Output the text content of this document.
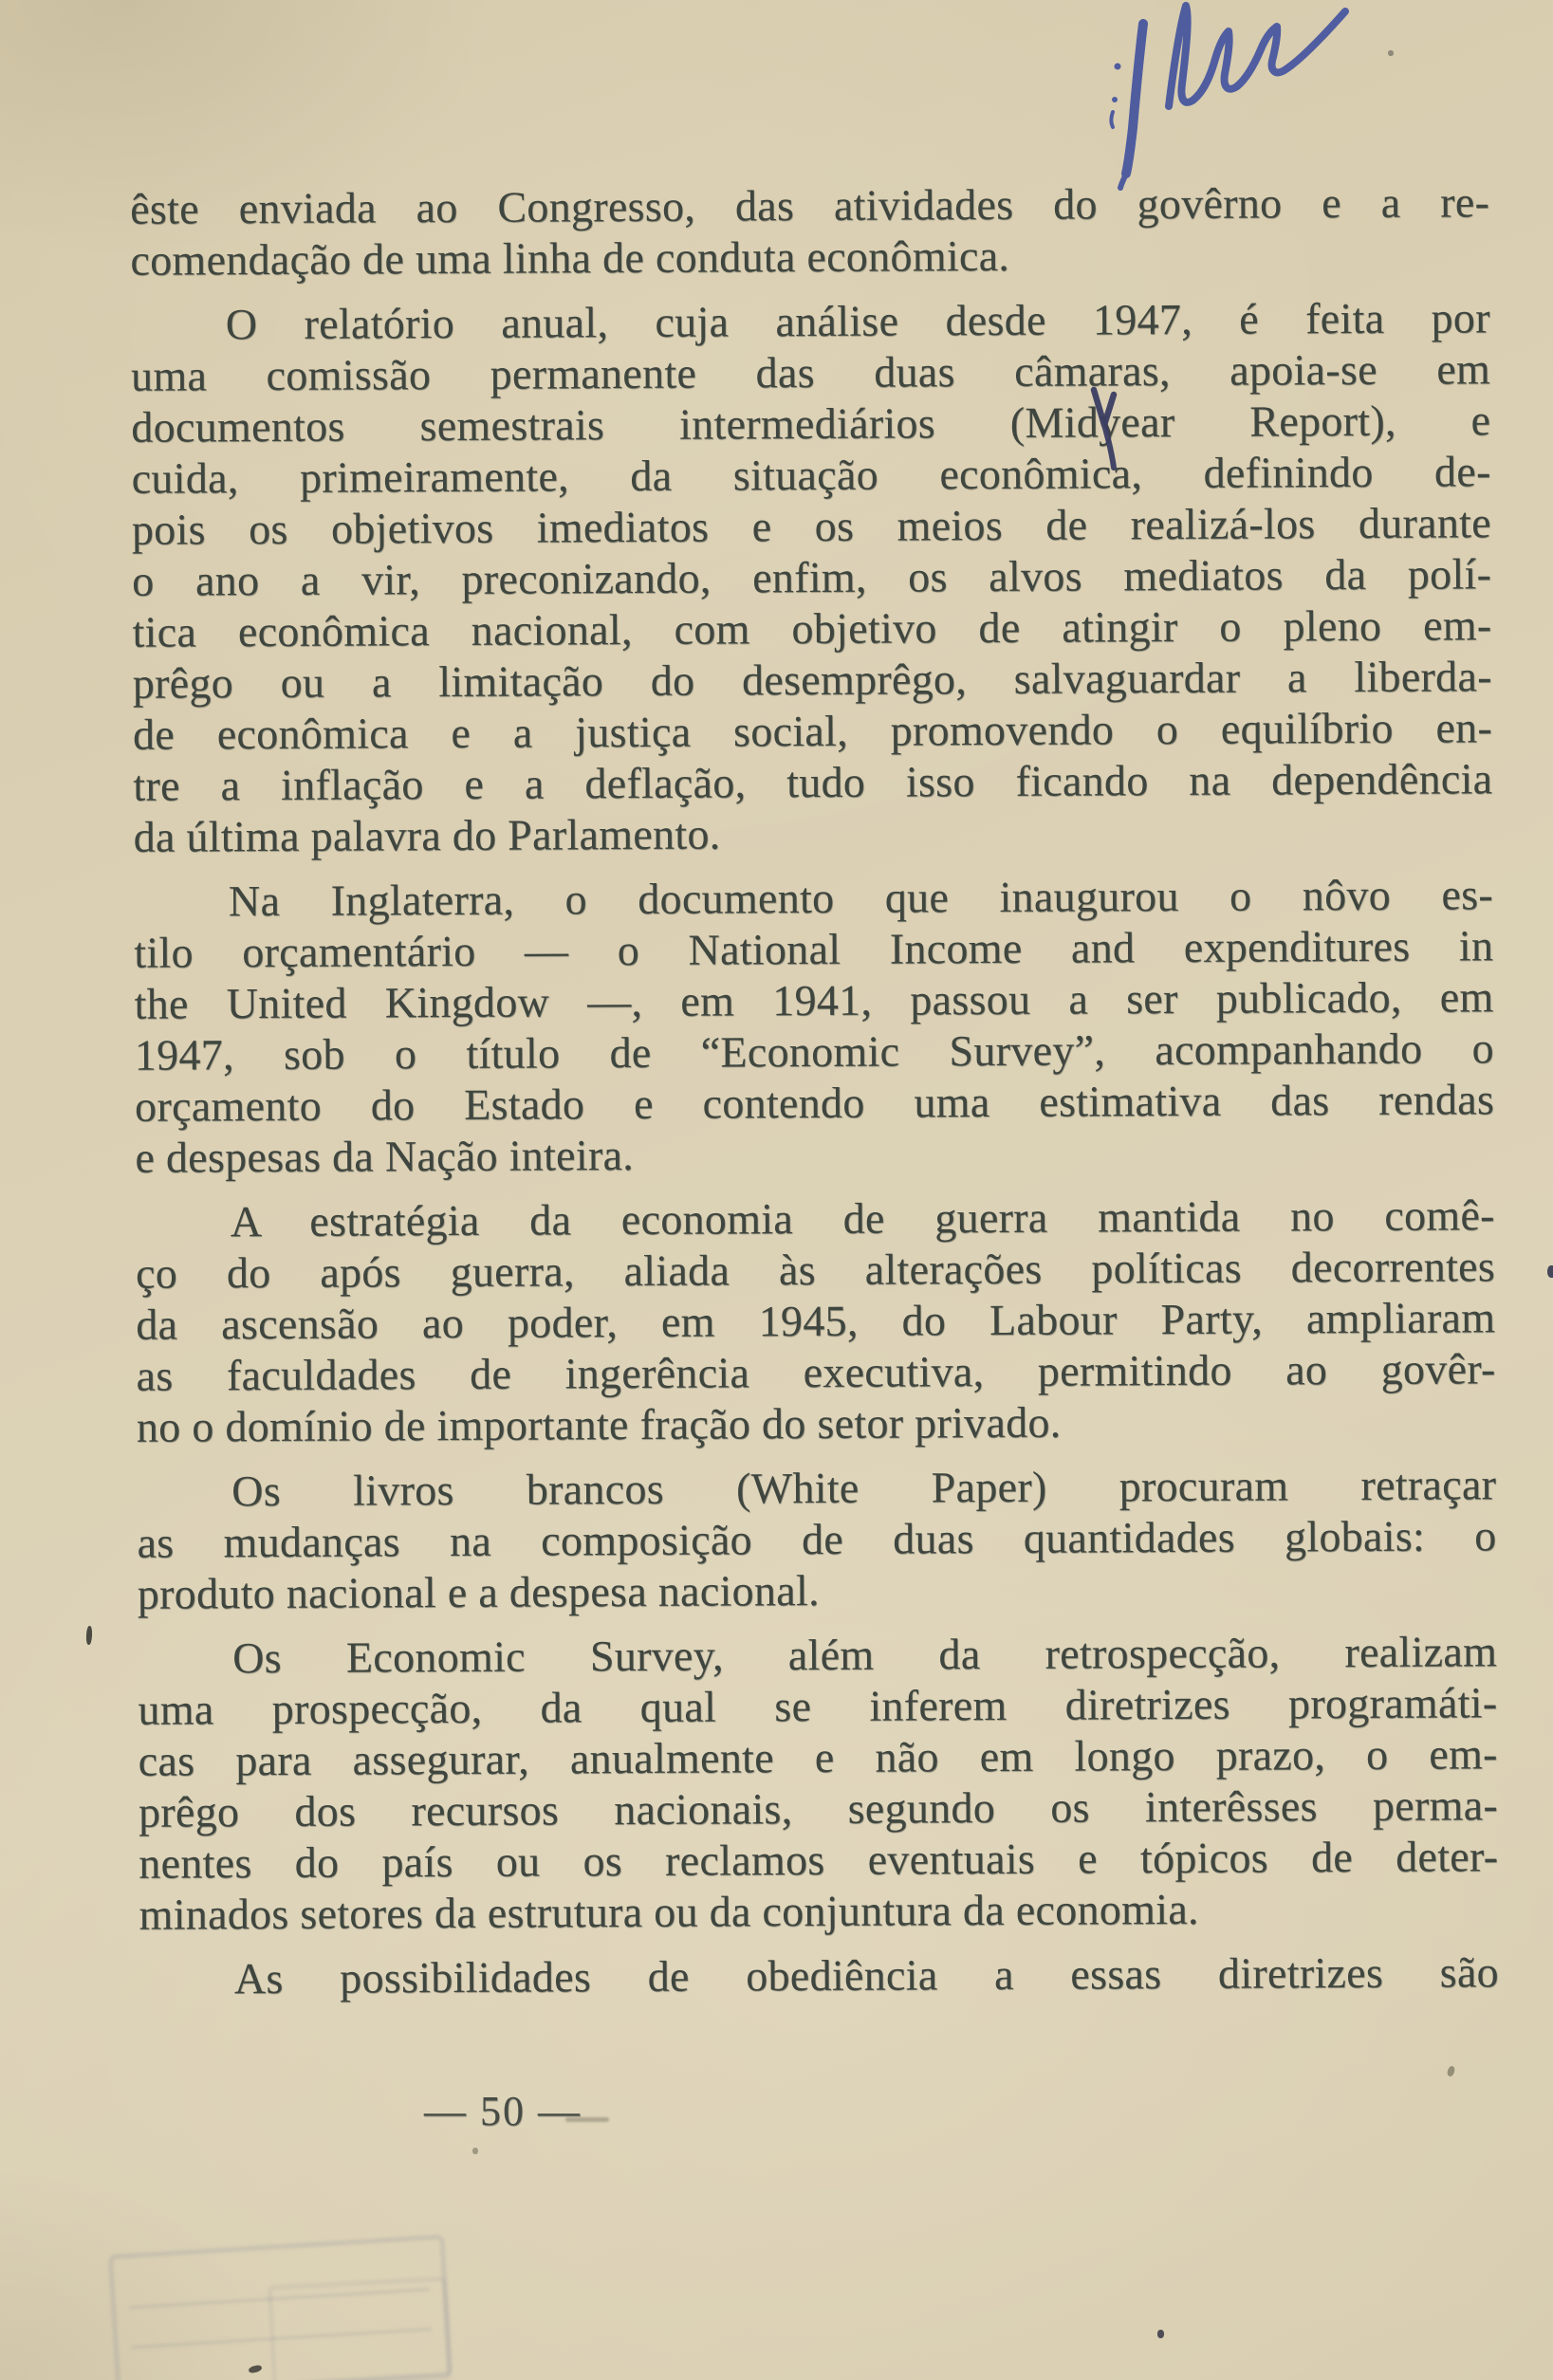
êste enviada ao Congresso, das atividades do govêrno e a re-
comendação de uma linha de conduta econômica.
O relatório anual, cuja análise desde 1947, é feita por
uma comissão permanente das duas câmaras, apoia-se em
documentos semestrais intermediários (Midyear Report), e
cuida, primeiramente, da situação econômica, definindo de-
pois os objetivos imediatos e os meios de realizá-los durante
o ano a vir, preconizando, enfim, os alvos mediatos da polí-
tica econômica nacional, com objetivo de atingir o pleno em-
prêgo ou a limitação do desemprêgo, salvaguardar a liberda-
de econômica e a justiça social, promovendo o equilíbrio en-
tre a inflação e a deflação, tudo isso ficando na dependência
da última palavra do Parlamento.
Na Inglaterra, o documento que inaugurou o nôvo es-
tilo orçamentário — o National Income and expenditures in
the United Kingdow —, em 1941, passou a ser publicado, em
1947, sob o título de “Economic Survey”, acompanhando o
orçamento do Estado e contendo uma estimativa das rendas
e despesas da Nação inteira.
A estratégia da economia de guerra mantida no comê-
ço do após guerra, aliada às alterações políticas decorrentes
da ascensão ao poder, em 1945, do Labour Party, ampliaram
as faculdades de ingerência executiva, permitindo ao govêr-
no o domínio de importante fração do setor privado.
Os livros brancos (White Paper) procuram retraçar
as mudanças na composição de duas quantidades globais: o
produto nacional e a despesa nacional.
Os Economic Survey, além da retrospecção, realizam
uma prospecção, da qual se inferem diretrizes programáti-
cas para assegurar, anualmente e não em longo prazo, o em-
prêgo dos recursos nacionais, segundo os interêsses perma-
nentes do país ou os reclamos eventuais e tópicos de deter-
minados setores da estrutura ou da conjuntura da economia.
As possibilidades de obediência a essas diretrizes são
— 50 —
